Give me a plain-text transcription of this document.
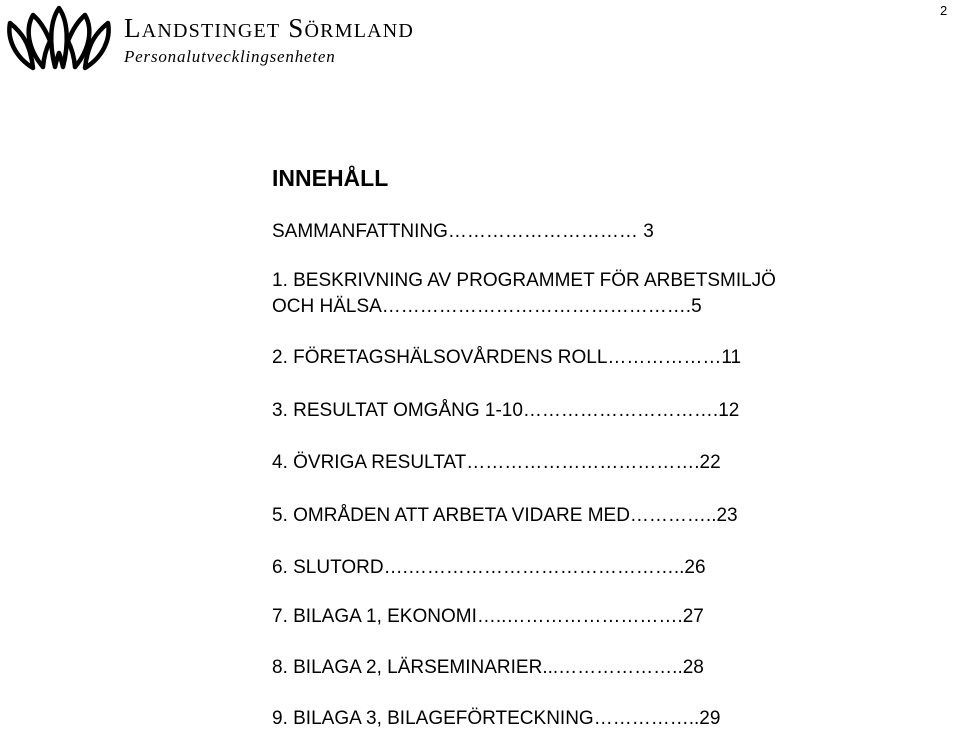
2
LANDSTINGET SÖRMLAND
Personalutvecklingsenheten
INNEHÅLL
SAMMANFATTNING………………………… 3
1. BESKRIVNING AV PROGRAMMET FÖR ARBETSMILJÖ
OCH HÄLSA………………………………………….5
2. FÖRETAGSHÄLSOVÅRDENS ROLL………………11
3. RESULTAT OMGÅNG 1-10………………………….12
4. ÖVRIGA RESULTAT……………………………….22
5. OMRÅDEN ATT ARBETA VIDARE MED…………..23
6. SLUTORD….……………………………………..26
7. BILAGA 1, EKONOMI…..……………………….27
8. BILAGA 2, LÄRSEMINARIER...………………..28
9. BILAGA 3, BILAGEFÖRTECKNING……………..29
